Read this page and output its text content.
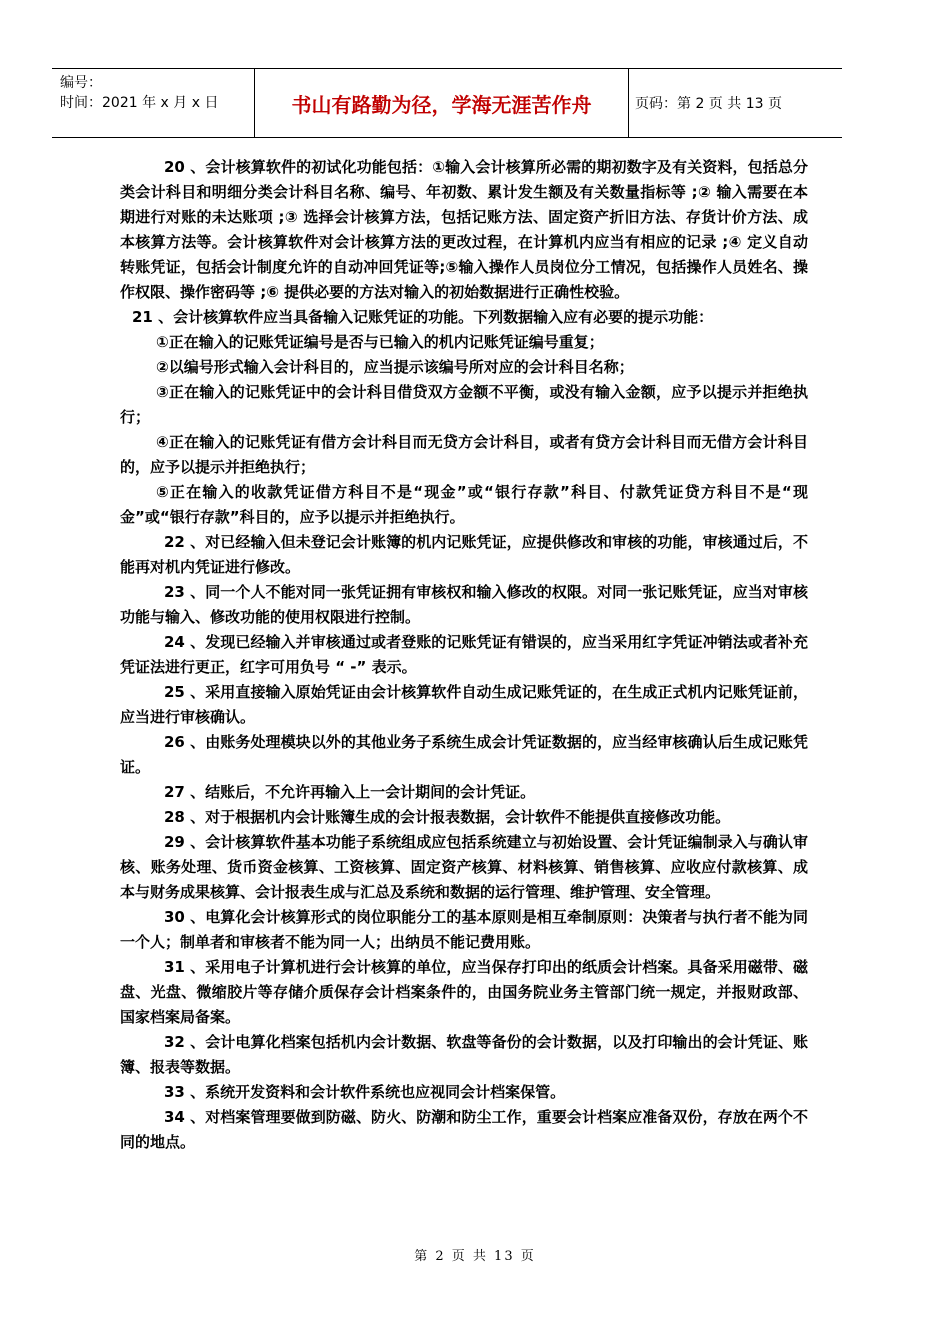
编号：
时间：2021 年 x 月 x 日	书山有路勤为径，学海无涯苦作舟	页码：第 2 页 共 13 页

20 、会计核算软件的初试化功能包括：①输入会计核算所必需的期初数字及有关资料，包括总分类会计科目和明细分类会计科目名称、编号、年初数、累计发生额及有关数量指标等 ;② 输入需要在本期进行对账的未达账项 ;③ 选择会计核算方法，包括记账方法、固定资产折旧方法、存货计价方法、成本核算方法等。会计核算软件对会计核算方法的更改过程，在计算机内应当有相应的记录 ;④ 定义自动转账凭证，包括会计制度允许的自动冲回凭证等;⑤输入操作人员岗位分工情况，包括操作人员姓名、操作权限、操作密码等 ;⑥ 提供必要的方法对输入的初始数据进行正确性校验。

21 、会计核算软件应当具备输入记账凭证的功能。下列数据输入应有必要的提示功能：

①正在输入的记账凭证编号是否与已输入的机内记账凭证编号重复；

②以编号形式输入会计科目的，应当提示该编号所对应的会计科目名称；

③正在输入的记账凭证中的会计科目借贷双方金额不平衡，或没有输入金额，应予以提示并拒绝执行；

④正在输入的记账凭证有借方会计科目而无贷方会计科目，或者有贷方会计科目而无借方会计科目的，应予以提示并拒绝执行；

⑤正在输入的收款凭证借方科目不是“现金”或“银行存款”科目、付款凭证贷方科目不是“现金”或“银行存款”科目的，应予以提示并拒绝执行。

22 、对已经输入但未登记会计账簿的机内记账凭证，应提供修改和审核的功能，审核通过后，不能再对机内凭证进行修改。

23 、同一个人不能对同一张凭证拥有审核权和输入修改的权限。对同一张记账凭证，应当对审核功能与输入、修改功能的使用权限进行控制。

24 、发现已经输入并审核通过或者登账的记账凭证有错误的，应当采用红字凭证冲销法或者补充凭证法进行更正，红字可用负号 “ -” 表示。

25 、采用直接输入原始凭证由会计核算软件自动生成记账凭证的，在生成正式机内记账凭证前，应当进行审核确认。

26 、由账务处理模块以外的其他业务子系统生成会计凭证数据的，应当经审核确认后生成记账凭证。

27 、结账后，不允许再输入上一会计期间的会计凭证。

28 、对于根据机内会计账簿生成的会计报表数据，会计软件不能提供直接修改功能。

29 、会计核算软件基本功能子系统组成应包括系统建立与初始设置、会计凭证编制录入与确认审核、账务处理、货币资金核算、工资核算、固定资产核算、材料核算、销售核算、应收应付款核算、成本与财务成果核算、会计报表生成与汇总及系统和数据的运行管理、维护管理、安全管理。

30 、电算化会计核算形式的岗位职能分工的基本原则是相互牵制原则：决策者与执行者不能为同一个人；制单者和审核者不能为同一人；出纳员不能记费用账。

31 、采用电子计算机进行会计核算的单位，应当保存打印出的纸质会计档案。具备采用磁带、磁盘、光盘、微缩胶片等存储介质保存会计档案条件的，由国务院业务主管部门统一规定，并报财政部、国家档案局备案。

32 、会计电算化档案包括机内会计数据、软盘等备份的会计数据，以及打印输出的会计凭证、账簿、报表等数据。

33 、系统开发资料和会计软件系统也应视同会计档案保管。

34 、对档案管理要做到防磁、防火、防潮和防尘工作，重要会计档案应准备双份，存放在两个不同的地点。

第 2 页 共 13 页
